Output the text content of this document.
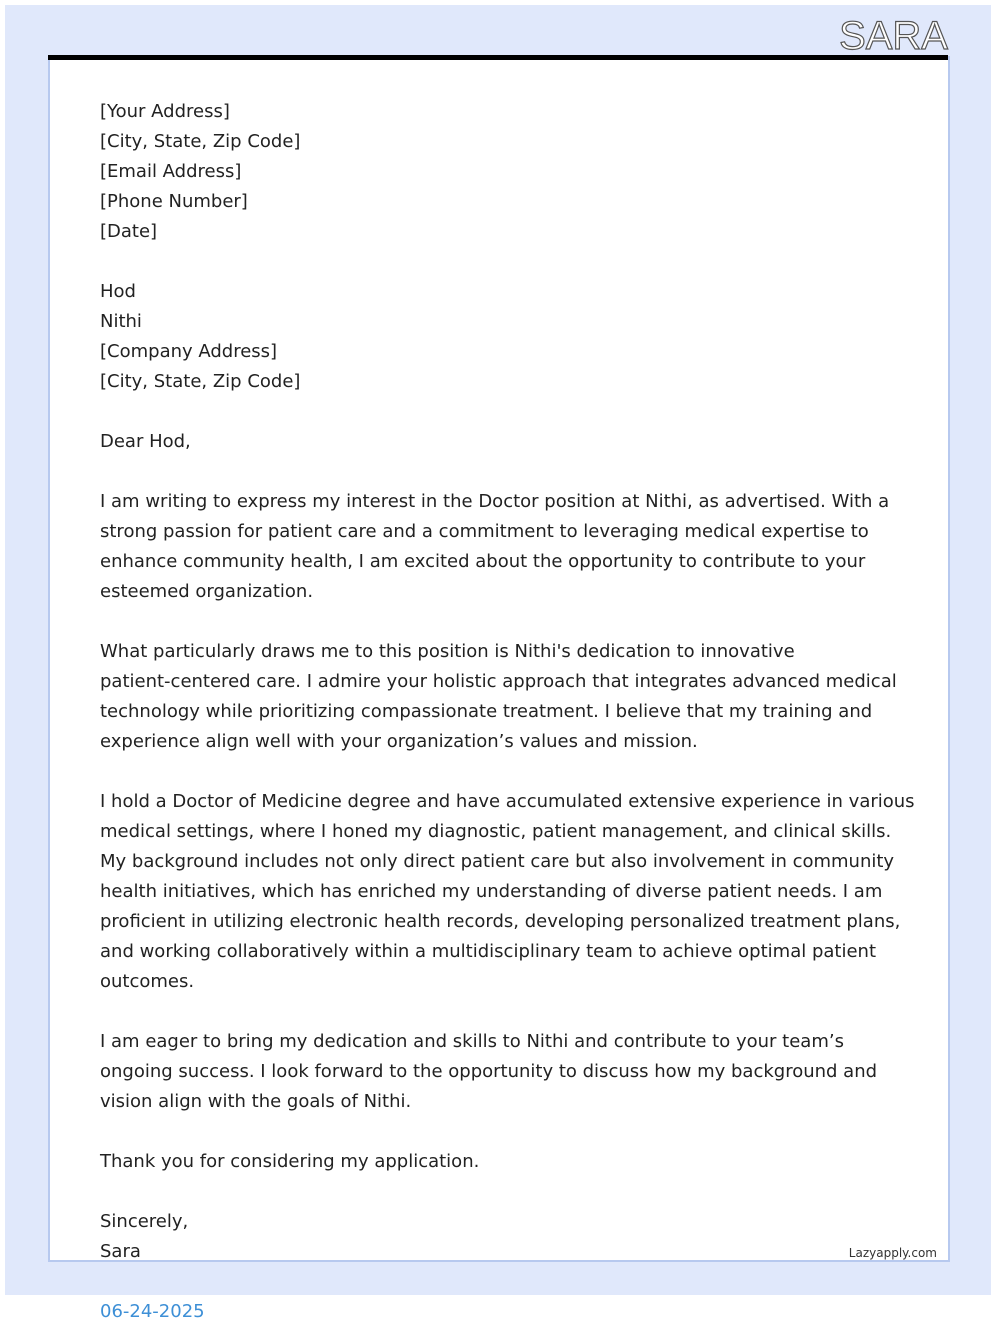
SARA
[Your Address]
[City, State, Zip Code]
[Email Address]
[Phone Number]
[Date]
Hod
Nithi
[Company Address]
[City, State, Zip Code]
Dear Hod,
I am writing to express my interest in the Doctor position at Nithi, as advertised. With a
strong passion for patient care and a commitment to leveraging medical expertise to
enhance community health, I am excited about the opportunity to contribute to your
esteemed organization.
What particularly draws me to this position is Nithi's dedication to innovative
patient-centered care. I admire your holistic approach that integrates advanced medical
technology while prioritizing compassionate treatment. I believe that my training and
experience align well with your organization’s values and mission.
I hold a Doctor of Medicine degree and have accumulated extensive experience in various
medical settings, where I honed my diagnostic, patient management, and clinical skills.
My background includes not only direct patient care but also involvement in community
health initiatives, which has enriched my understanding of diverse patient needs. I am
proficient in utilizing electronic health records, developing personalized treatment plans,
and working collaboratively within a multidisciplinary team to achieve optimal patient
outcomes.
I am eager to bring my dedication and skills to Nithi and contribute to your team’s
ongoing success. I look forward to the opportunity to discuss how my background and
vision align with the goals of Nithi.
Thank you for considering my application.
Sincerely,
Sara
06-24-2025
Lazyapply.com
